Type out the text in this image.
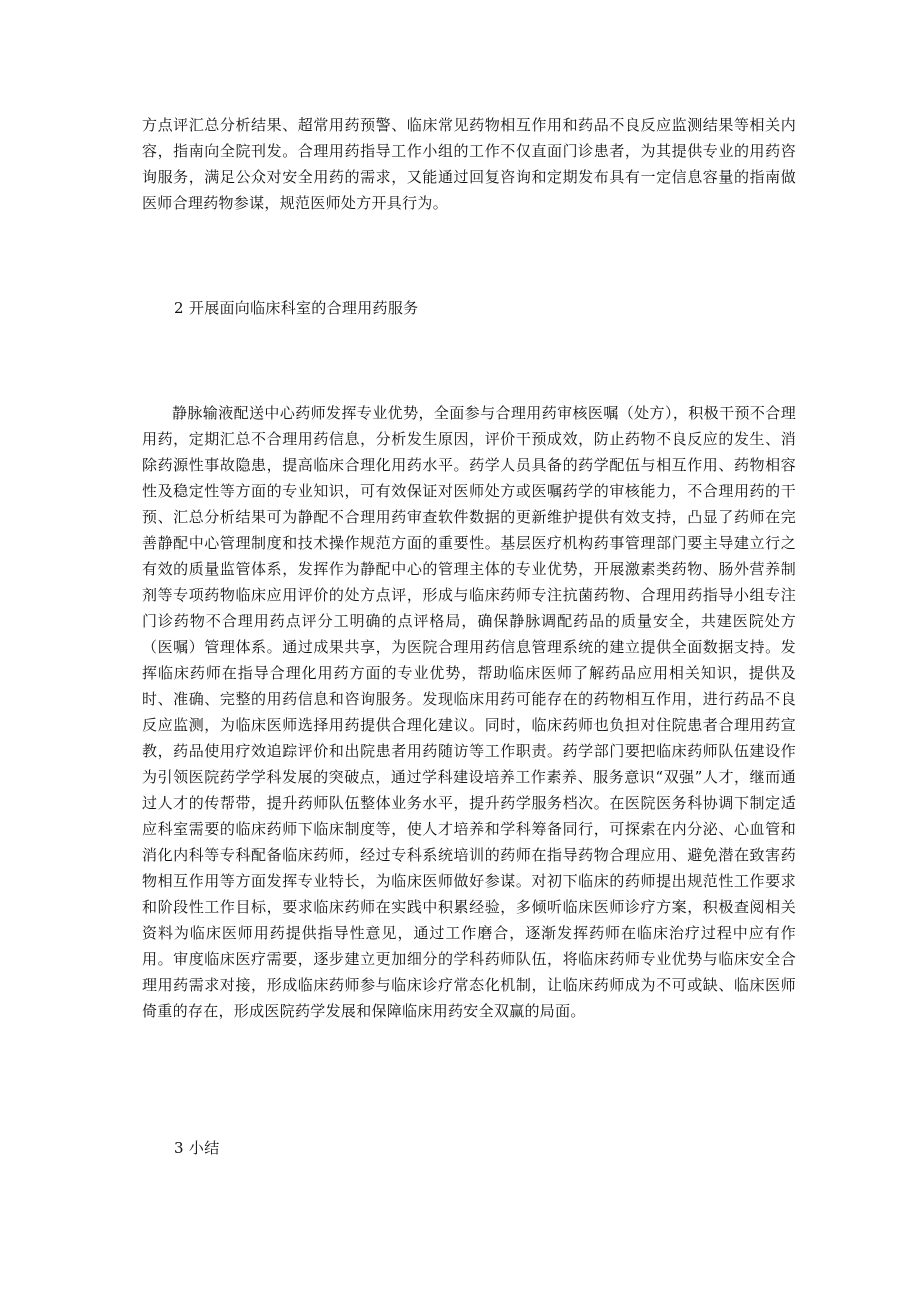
方点评汇总分析结果、超常用药预警、临床常见药物相互作用和药品不良反应监测结果等相关内容，指南向全院刊发。合理用药指导工作小组的工作不仅直面门诊患者，为其提供专业的用药咨询服务，满足公众对安全用药的需求，又能通过回复咨询和定期发布具有一定信息容量的指南做医师合理药物参谋，规范医师处方开具行为。

2 开展面向临床科室的合理用药服务

静脉输液配送中心药师发挥专业优势，全面参与合理用药审核医嘱（处方），积极干预不合理用药，定期汇总不合理用药信息，分析发生原因，评价干预成效，防止药物不良反应的发生、消除药源性事故隐患，提高临床合理化用药水平。药学人员具备的药学配伍与相互作用、药物相容性及稳定性等方面的专业知识，可有效保证对医师处方或医嘱药学的审核能力，不合理用药的干预、汇总分析结果可为静配不合理用药审查软件数据的更新维护提供有效支持，凸显了药师在完善静配中心管理制度和技术操作规范方面的重要性。基层医疗机构药事管理部门要主导建立行之有效的质量监管体系，发挥作为静配中心的管理主体的专业优势，开展激素类药物、肠外营养制剂等专项药物临床应用评价的处方点评，形成与临床药师专注抗菌药物、合理用药指导小组专注门诊药物不合理用药点评分工明确的点评格局，确保静脉调配药品的质量安全，共建医院处方（医嘱）管理体系。通过成果共享，为医院合理用药信息管理系统的建立提供全面数据支持。发挥临床药师在指导合理化用药方面的专业优势，帮助临床医师了解药品应用相关知识，提供及时、准确、完整的用药信息和咨询服务。发现临床用药可能存在的药物相互作用，进行药品不良反应监测，为临床医师选择用药提供合理化建议。同时，临床药师也负担对住院患者合理用药宣教，药品使用疗效追踪评价和出院患者用药随访等工作职责。药学部门要把临床药师队伍建设作为引领医院药学学科发展的突破点，通过学科建设培养工作素养、服务意识“双强”人才，继而通过人才的传帮带，提升药师队伍整体业务水平，提升药学服务档次。在医院医务科协调下制定适应科室需要的临床药师下临床制度等，使人才培养和学科筹备同行，可探索在内分泌、心血管和消化内科等专科配备临床药师，经过专科系统培训的药师在指导药物合理应用、避免潜在致害药物相互作用等方面发挥专业特长，为临床医师做好参谋。对初下临床的药师提出规范性工作要求和阶段性工作目标，要求临床药师在实践中积累经验，多倾听临床医师诊疗方案，积极查阅相关资料为临床医师用药提供指导性意见，通过工作磨合，逐渐发挥药师在临床治疗过程中应有作用。审度临床医疗需要，逐步建立更加细分的学科药师队伍，将临床药师专业优势与临床安全合理用药需求对接，形成临床药师参与临床诊疗常态化机制，让临床药师成为不可或缺、临床医师倚重的存在，形成医院药学发展和保障临床用药安全双赢的局面。

3 小结
